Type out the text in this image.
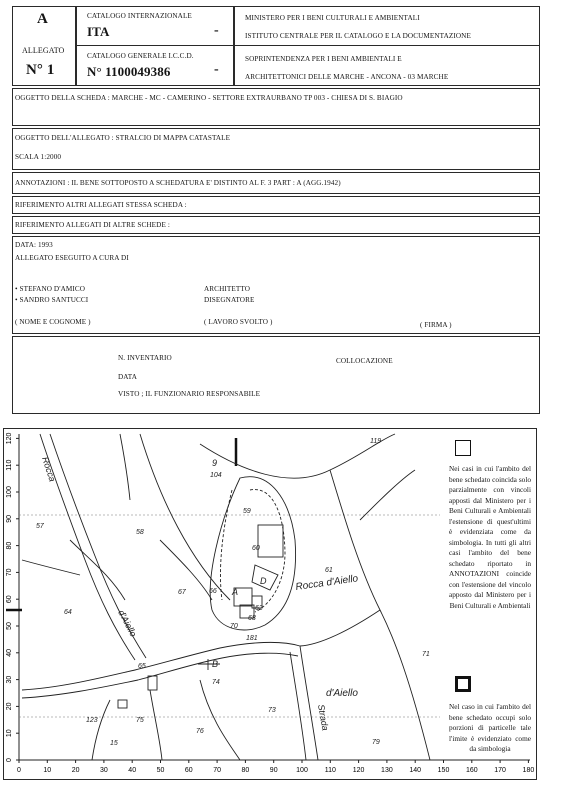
A
ALLEGATO
N° 1
CATALOGO INTERNAZIONALE
ITA	-
CATALOGO GENERALE I.C.C.D.
N° 1100049386	-
MINISTERO PER I BENI CULTURALI E AMBIENTALI
ISTITUTO CENTRALE PER IL CATALOGO E LA DOCUMENTAZIONE
SOPRINTENDENZA PER I BENI AMBIENTALI E
ARCHITETTONICI DELLE MARCHE - ANCONA - 03 MARCHE
OGGETTO DELLA SCHEDA : MARCHE - MC - CAMERINO - SETTORE EXTRAURBANO TP 003 - CHIESA DI S. BIAGIO
OGGETTO DELL'ALLEGATO : STRALCIO DI MAPPA CATASTALE
SCALA 1:2000
ANNOTAZIONI : IL BENE SOTTOPOSTO A SCHEDATURA E' DISTINTO AL F. 3 PART : A (AGG.1942)
RIFERIMENTO ALTRI ALLEGATI STESSA SCHEDA :
RIFERIMENTO ALLEGATI DI ALTRE SCHEDE :
DATA: 1993
ALLEGATO ESEGUITO A CURA DI
• STEFANO D'AMICO
• SANDRO SANTUCCI
ARCHITETTO
DISEGNATORE
( NOME E COGNOME )	( LAVORO SVOLTO )	( FIRMA )
N. INVENTARIO	COLLOCAZIONE
DATA
VISTO ; IL FUNZIONARIO RESPONSABILE
0
10
20
30
40
50
60
70
80
90
100
110
120
0	10	20	30	40	50	60	70	80	90	100 110 120 130 140 150 160 170 180
Rocca
d'Aiello
Rocca d'Aiello
d'Aiello
Strada
57
58
59
60
61
62
64
65
66
67
68
70
71
73
74
75
76
79
9
104
119
123
181
A
B
D
15
Nei casi in cui l'ambito del bene schedato coincida solo parzialmente con vincoli apposti dal Ministero per i Beni Culturali e Ambientali l'estensione di quest'ultimi è evidenziata come da simbologia. In tutti gli altri casi l'ambito del bene schedato riportato in ANNOTAZIONI coincide con l'estensione del vincolo apposto dal Ministero per i Beni Culturali e Ambientali
Nel caso in cui l'ambito del bene schedato occupi solo porzioni di particelle tale l'imite è evidenziato come da simbologia
